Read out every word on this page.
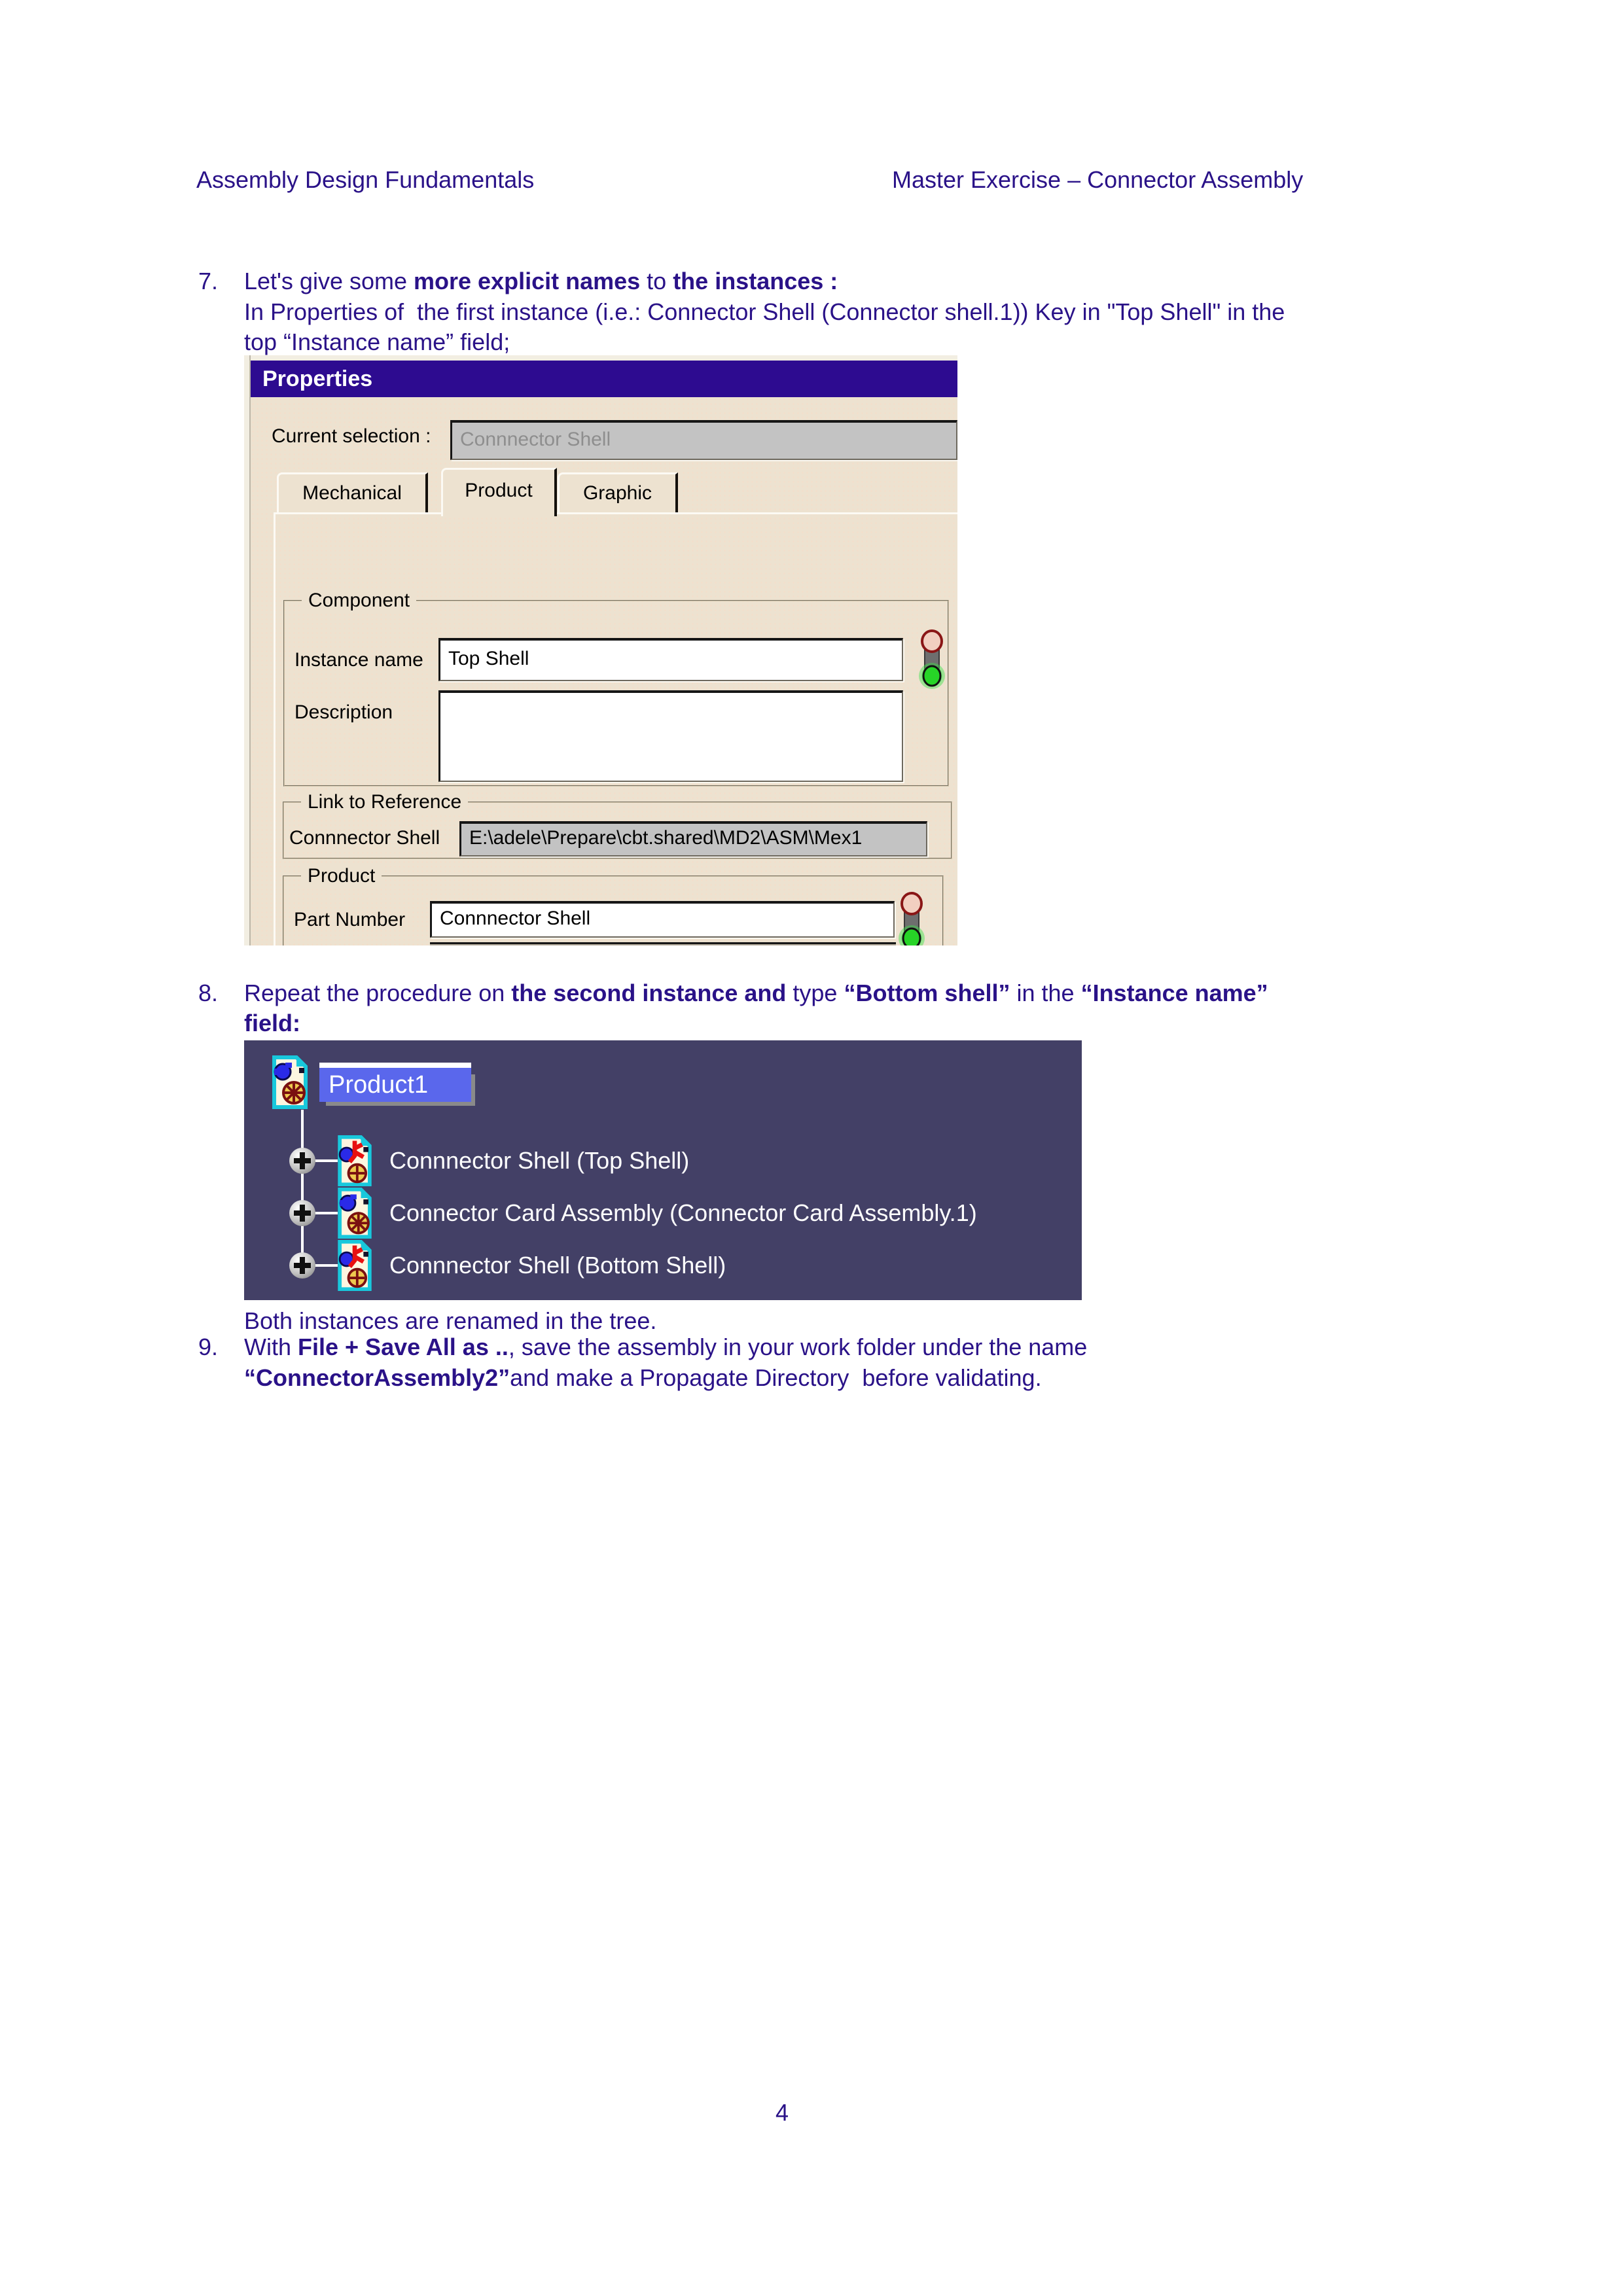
Assembly Design Fundamentals	Master Exercise – Connector Assembly
7. Let's give some more explicit names to the instances :
In Properties of  the first instance (i.e.: Connector Shell (Connector shell.1)) Key in "Top Shell" in the
top “Instance name” field;
Properties
Current selection :	Connnector Shell
Mechanical	Product	Graphic
Component
Instance name	Top Shell
Description
Link to Reference
Connnector Shell	E:\adele\Prepare\cbt.shared\MD2\ASM\Mex1
Product
Part Number	Connnector Shell
8. Repeat the procedure on the second instance and type “Bottom shell” in the “Instance name”
field:
Product1
Connnector Shell (Top Shell)
Connector Card Assembly (Connector Card Assembly.1)
Connnector Shell (Bottom Shell)
Both instances are renamed in the tree.
9. With File + Save All as .., save the assembly in your work folder under the name
“ConnectorAssembly2”and make a Propagate Directory  before validating.
4
